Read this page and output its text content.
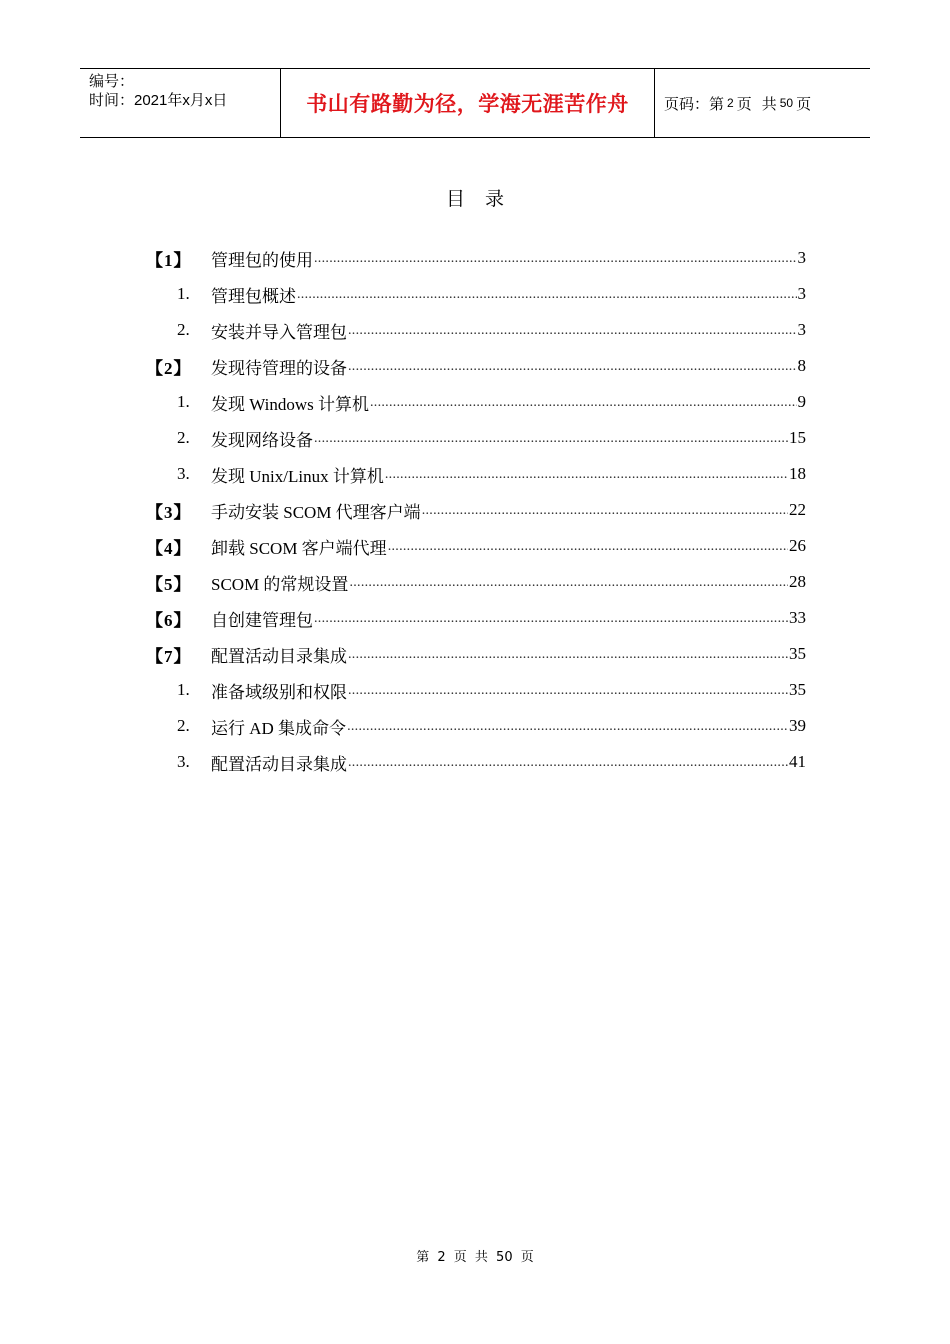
编号：
时间：2021年x月x日	书山有路勤为径，学海无涯苦作舟	页码：第 2 页 共 50 页
目录
【1】	管理包的使用 .....	3
1.	管理包概述 .....	3
2.	安装并导入管理包 .....	3
【2】	发现待管理的设备 .....	8
1.	发现 Windows 计算机 .....	9
2.	发现网络设备 .....	15
3.	发现 Unix/Linux 计算机 .....	18
【3】	手动安装 SCOM 代理客户端 .....	22
【4】	卸载 SCOM 客户端代理 .....	26
【5】	SCOM 的常规设置 .....	28
【6】	自创建管理包 .....	33
【7】	配置活动目录集成 .....	35
1.	准备域级别和权限 .....	35
2.	运行 AD 集成命令 .....	39
3.	配置活动目录集成 .....	41
第 2 页 共 50 页
